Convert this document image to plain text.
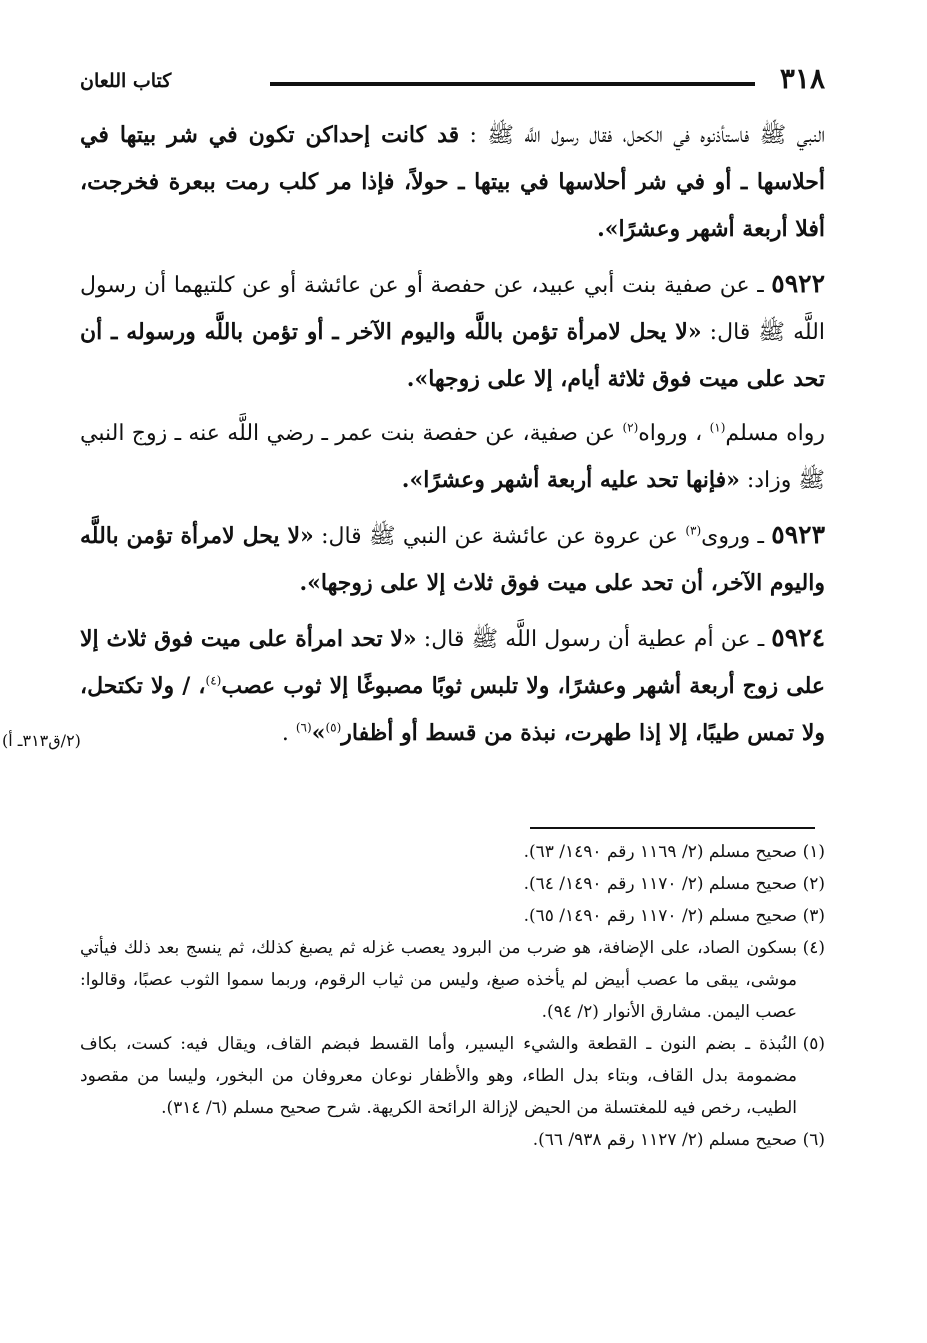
٣١٨
كتاب اللعان

النبي ﷺ فاستأذنوه في الكحل، فقال رسول اللَّه ﷺ : قد كانت إحداكن تكون في شر بيتها في أحلاسها ـ أو في شر أحلاسها في بيتها ـ حولاً، فإذا مر كلب رمت ببعرة فخرجت، أفلا أربعة أشهر وعشرًا».

٥٩٢٢ ـ عن صفية بنت أبي عبيد، عن حفصة أو عن عائشة أو عن كلتيهما أن رسول اللَّه ﷺ قال: «لا يحل لامرأة تؤمن باللَّه واليوم الآخر ـ أو تؤمن باللَّه ورسوله ـ أن تحد على ميت فوق ثلاثة أيام، إلا على زوجها».

رواه مسلم$^{(١)}$ ، ورواه$^{(٢)}$ عن صفية، عن حفصة بنت عمر ـ رضي اللَّه عنه ـ زوج النبي ﷺ وزاد: «فإنها تحد عليه أربعة أشهر وعشرًا».

٥٩٢٣ ـ وروى$^{(٣)}$ عن عروة عن عائشة عن النبي ﷺ قال: «لا يحل لامرأة تؤمن باللَّه واليوم الآخر، أن تحد على ميت فوق ثلاث إلا على زوجها».

٥٩٢٤ ـ عن أم عطية أن رسول اللَّه ﷺ قال: «لا تحد امرأة على ميت فوق ثلاث إلا على زوج أربعة أشهر وعشرًا، ولا تلبس ثوبًا مصبوغًا إلا ثوب عصب$^{(٤)}$، / ولا تكتحل، ولا تمس طيبًا، إلا إذا طهرت، نبذة من قسط أو أظفار$^{(٥)}$»$^{(٦)}$ .

(٢/ق٣١٣ـ أ)

(١)صحيح مسلم (٢/ ١١٦٩ رقم ١٤٩٠/ ٦٣).

(٢)صحيح مسلم (٢/ ١١٧٠ رقم ١٤٩٠/ ٦٤).

(٣)صحيح مسلم (٢/ ١١٧٠ رقم ١٤٩٠/ ٦٥).

(٤)بسكون الصاد، على الإضافة، هو ضرب من البرود يعصب غزله ثم يصبغ كذلك، ثم ينسج بعد ذلك فيأتي موشى، يبقى ما عصب أبيض لم يأخذه صبغ، وليس من ثياب الرقوم، وربما سموا الثوب عصبًا، وقالوا: عصب اليمن. مشارق الأنوار (٢/ ٩٤).

(٥)النُبذة ـ بضم النون ـ القطعة والشيء اليسير، وأما القسط فبضم القاف، ويقال فيه: كست، بكاف مضمومة بدل القاف، وبتاء بدل الطاء، وهو والأظفار نوعان معروفان من البخور، وليسا من مقصود الطيب، رخص فيه للمغتسلة من الحيض لإزالة الرائحة الكريهة. شرح صحيح مسلم (٦/ ٣١٤).

(٦)صحيح مسلم (٢/ ١١٢٧ رقم ٩٣٨/ ٦٦).
